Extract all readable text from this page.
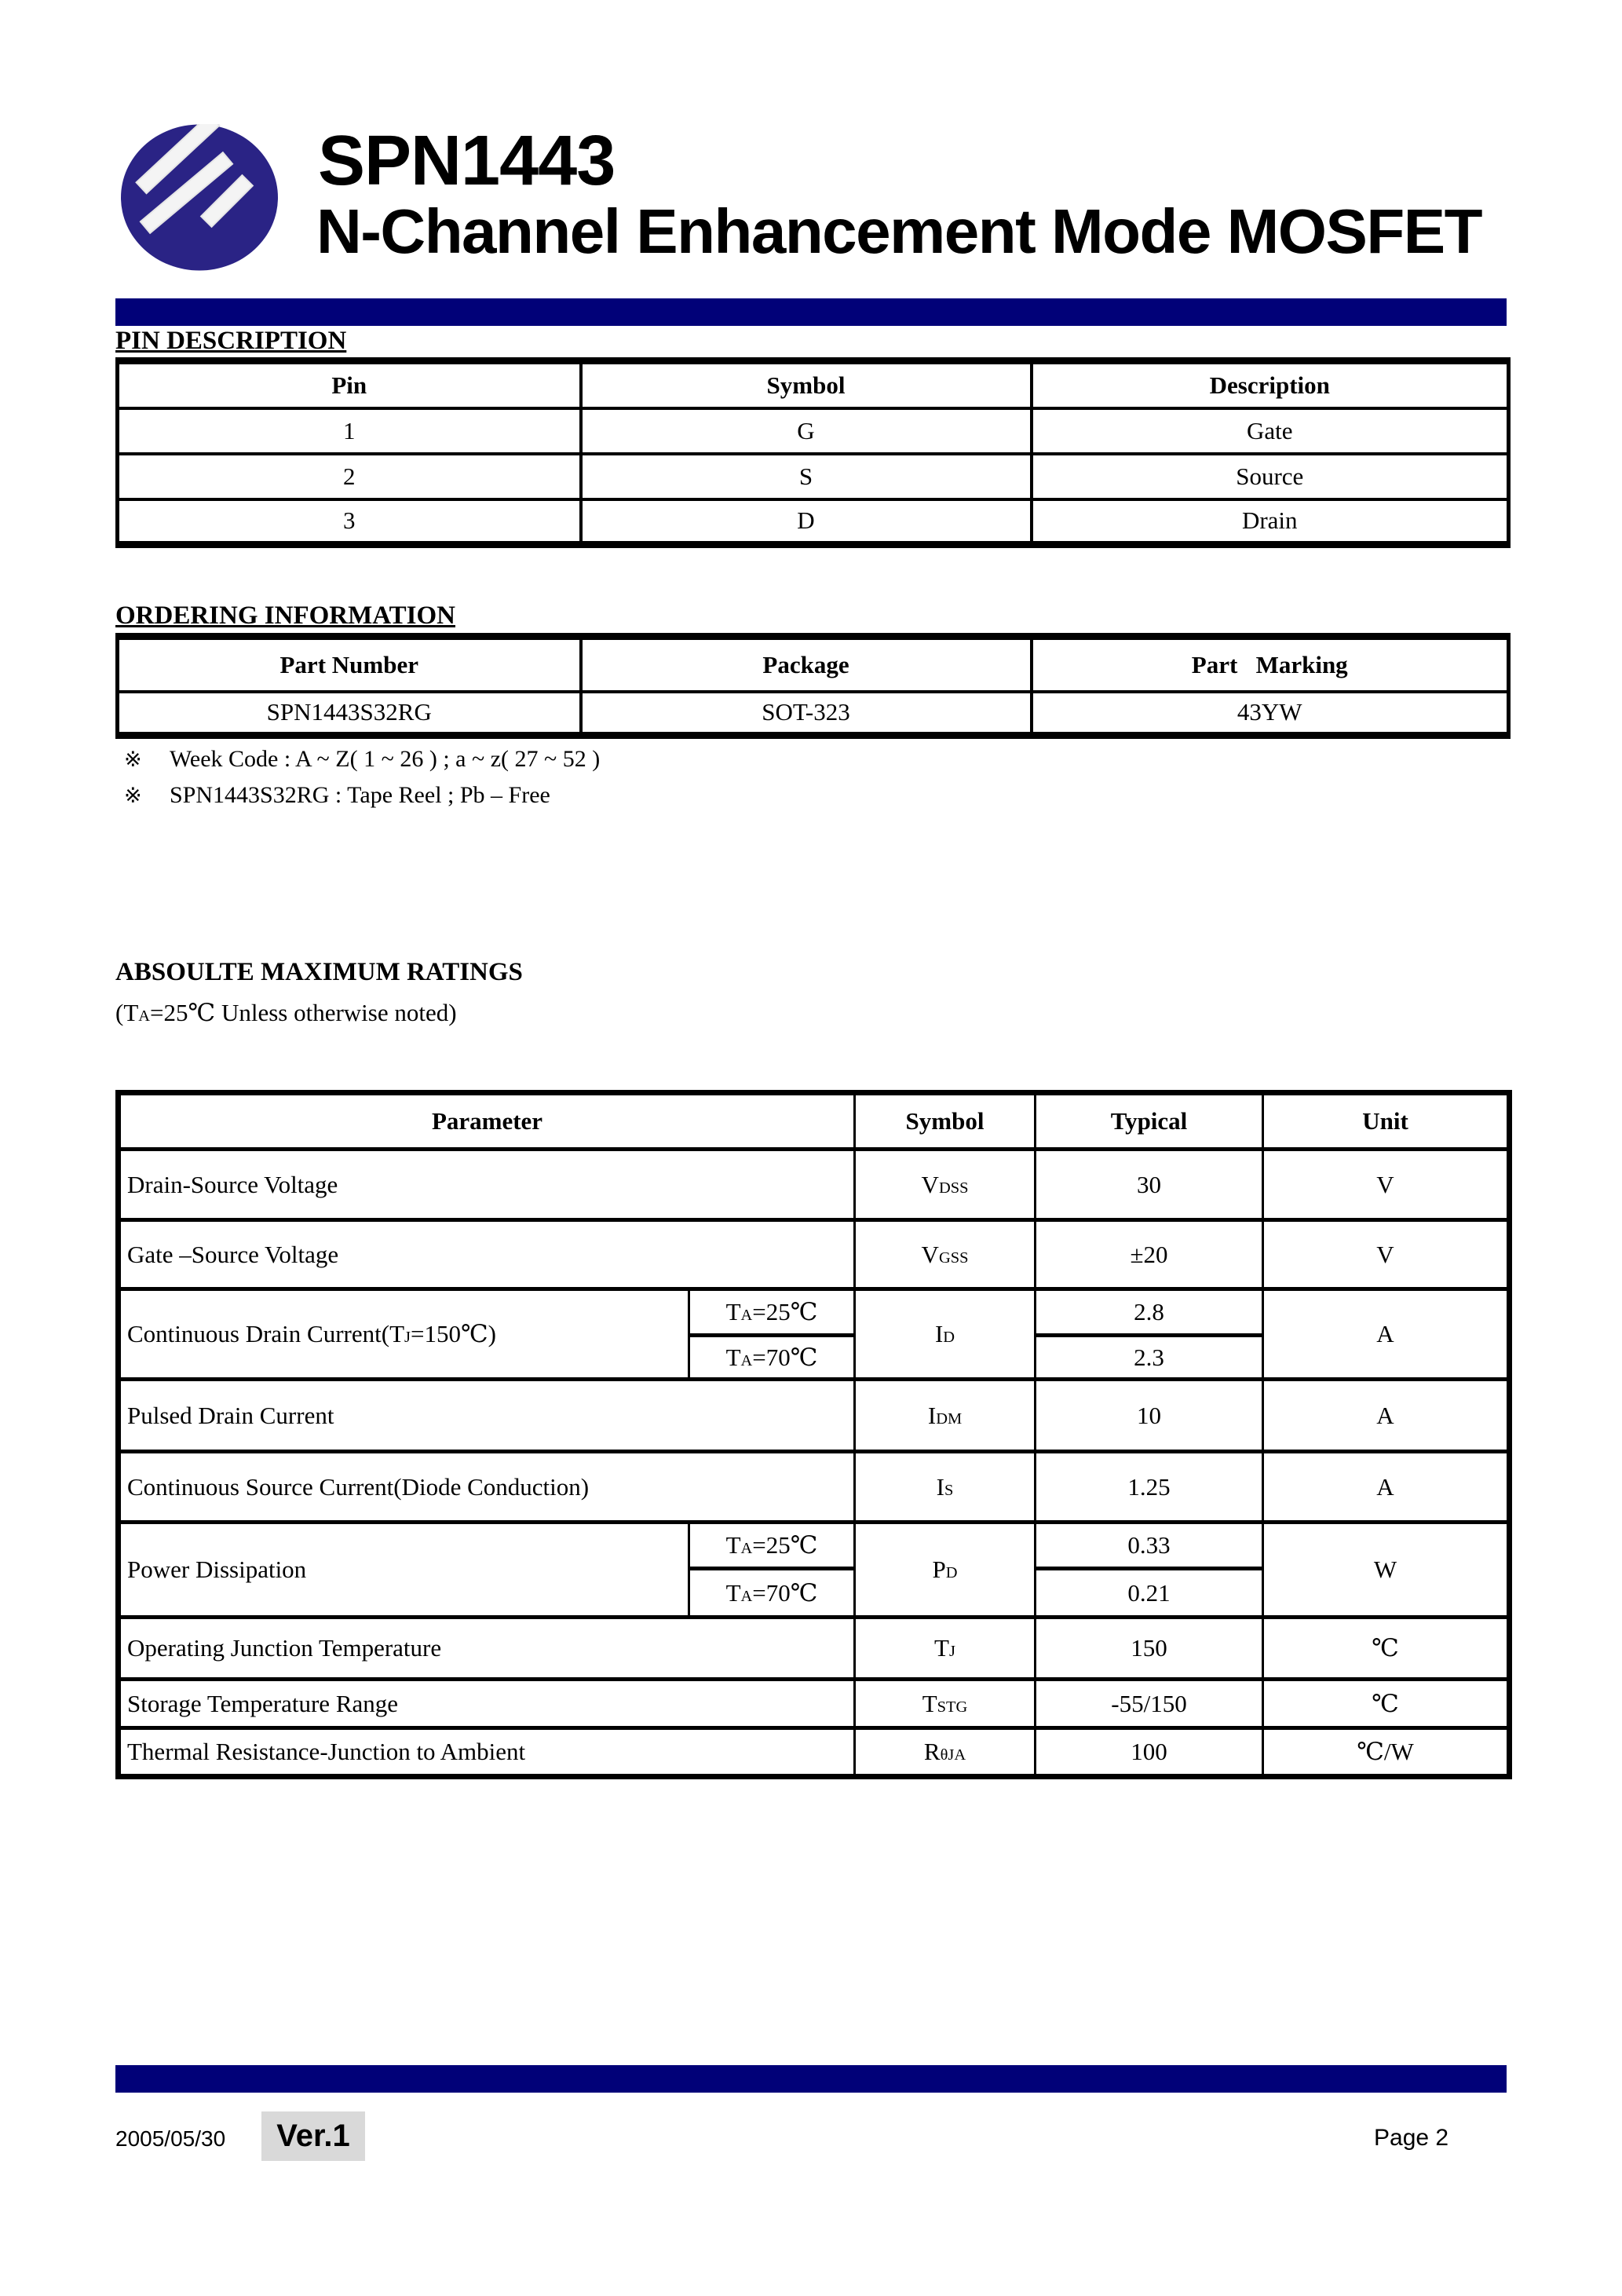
SPN1443
N-Channel Enhancement Mode MOSFET
PIN DESCRIPTION
Pin	Symbol	Description
1	G	Gate
2	S	Source
3	D	Drain
ORDERING INFORMATION
Part Number	Package	Part   Marking
SPN1443S32RG	SOT-323	43YW
※	Week Code : A ~ Z( 1 ~ 26 ) ; a ~ z( 27 ~ 52 )
※	SPN1443S32RG : Tape Reel ; Pb – Free
ABSOULTE MAXIMUM RATINGS
(TA=25℃ Unless otherwise noted)
Parameter		Symbol	Typical	Unit
Drain-Source Voltage		VDSS	30	V
Gate –Source Voltage		VGSS	±20	V
Continuous Drain Current(TJ=150℃)	TA=25℃	ID	2.8	A
	TA=70℃		2.3	
Pulsed Drain Current		IDM	10	A
Continuous Source Current(Diode Conduction)		IS	1.25	A
Power Dissipation	TA=25℃	PD	0.33	W
	TA=70℃		0.21	
Operating Junction Temperature		TJ	150	℃
Storage Temperature Range		TSTG	-55/150	℃
Thermal Resistance-Junction to Ambient		RθJA	100	℃/W
2005/05/30	Ver.1	Page 2
